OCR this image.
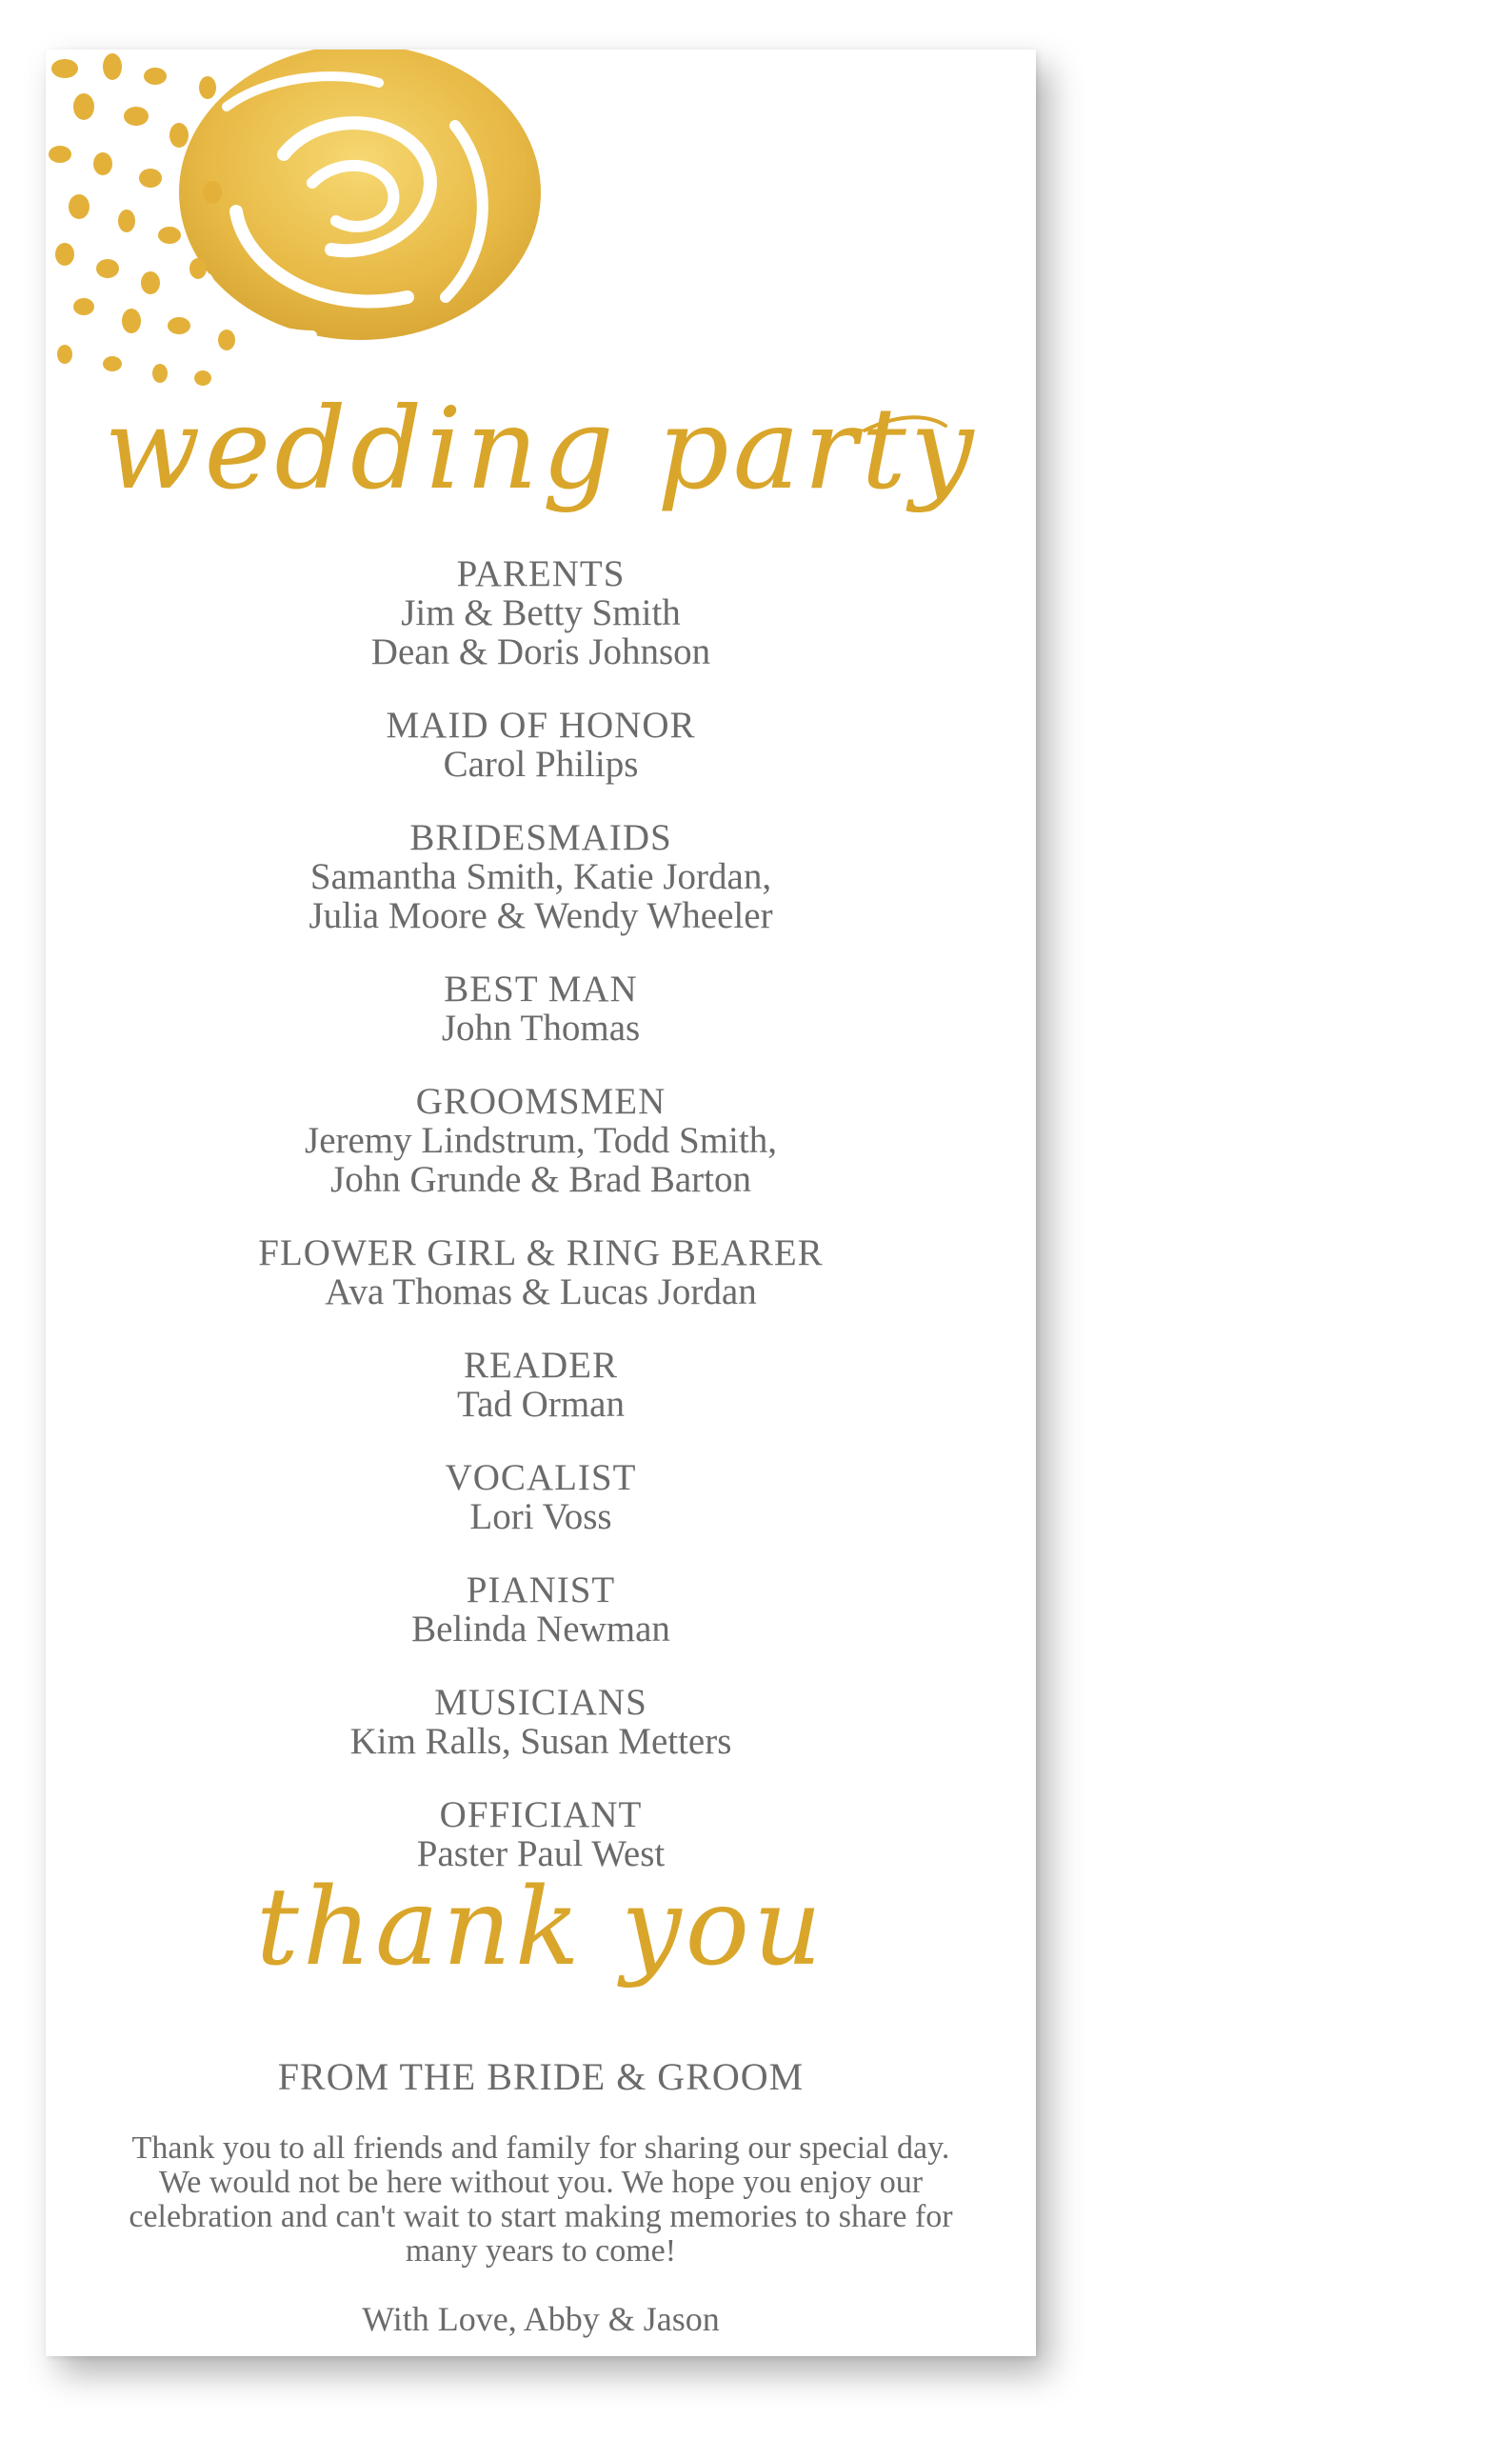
wedding party
PARENTS
Jim & Betty Smith
Dean & Doris Johnson
MAID OF HONOR
Carol Philips
BRIDESMAIDS
Samantha Smith, Katie Jordan,
Julia Moore & Wendy Wheeler
BEST MAN
John Thomas
GROOMSMEN
Jeremy Lindstrum, Todd Smith,
John Grunde & Brad Barton
FLOWER GIRL & RING BEARER
Ava Thomas & Lucas Jordan
READER
Tad Orman
VOCALIST
Lori Voss
PIANIST
Belinda Newman
MUSICIANS
Kim Ralls, Susan Metters
OFFICIANT
Paster Paul West
thank you
FROM THE BRIDE & GROOM
Thank you to all friends and family for sharing our special day. We would not be here without you. We hope you enjoy our celebration and can't wait to start making memories to share for many years to come!
With Love, Abby & Jason
